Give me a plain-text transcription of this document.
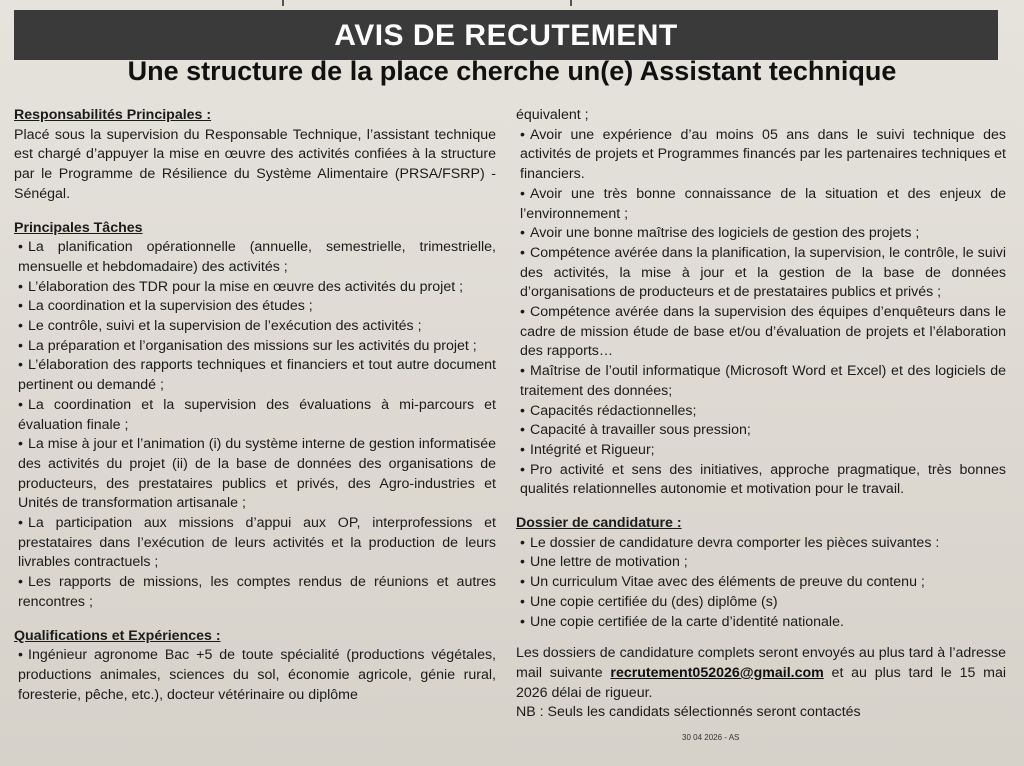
AVIS DE RECUTEMENT
Une structure de la place cherche un(e) Assistant technique
Responsabilités Principales :

Placé sous la supervision du Responsable Technique, l’assistant technique est chargé d’appuyer la mise en œuvre des activités confiées à la structure par le Programme de Résilience du Système Alimentaire (PRSA/FSRP) - Sénégal.

Principales Tâches

• La planification opérationnelle (annuelle, semestrielle, trimestrielle, mensuelle et hebdomadaire) des activités ;

• L’élaboration des TDR pour la mise en œuvre des activités du projet ;

• La coordination et la supervision des études ;

• Le contrôle, suivi et la supervision de l’exécution des activités ;

• La préparation et l’organisation des missions sur les activités du projet ;

• L’élaboration des rapports techniques et financiers et tout autre document pertinent ou demandé ;

• La coordination et la supervision des évaluations à mi-parcours et évaluation finale ;

• La mise à jour et l’animation (i) du système interne de gestion informatisée des activités du projet (ii) de la base de données des organisations de producteurs, des prestataires publics et privés, des Agro-industries et Unités de transformation artisanale ;

• La participation aux missions d’appui aux OP, interprofessions et prestataires dans l’exécution de leurs activités et la production de leurs livrables contractuels ;

• Les rapports de missions, les comptes rendus de réunions et autres rencontres ;

Qualifications et Expériences :

• Ingénieur agronome Bac +5 de toute spécialité (productions végétales, productions animales, sciences du sol, économie agricole, génie rural, foresterie, pêche, etc.), docteur vétérinaire ou diplôme

équivalent ;

• Avoir une expérience d’au moins 05 ans dans le suivi technique des activités de projets et Programmes financés par les partenaires techniques et financiers.

• Avoir une très bonne connaissance de la situation et des enjeux de l’environnement ;

• Avoir une bonne maîtrise des logiciels de gestion des projets ;

• Compétence avérée dans la planification, la supervision, le contrôle, le suivi des activités, la mise à jour et la gestion de la base de données d’organisations de producteurs et de prestataires publics et privés ;

• Compétence avérée dans la supervision des équipes d’enquêteurs dans le cadre de mission étude de base et/ou d’évaluation de projets et l’élaboration des rapports…

• Maîtrise de l’outil informatique (Microsoft Word et Excel) et des logiciels de traitement des données;

• Capacités rédactionnelles;

• Capacité à travailler sous pression;

• Intégrité et Rigueur;

• Pro activité et sens des initiatives, approche pragmatique, très bonnes qualités relationnelles autonomie et motivation pour le travail.

Dossier de candidature :

• Le dossier de candidature devra comporter les pièces suivantes :

• Une lettre de motivation ;

• Un curriculum Vitae avec des éléments de preuve du contenu ;

• Une copie certifiée du (des) diplôme (s)

• Une copie certifiée de la carte d’identité nationale.

Les dossiers de candidature complets seront envoyés au plus tard à l’adresse mail suivante recrutement052026@gmail.com et au plus tard le 15 mai 2026 délai de rigueur.

NB : Seuls les candidats sélectionnés seront contactés

30 04 2026 - AS
